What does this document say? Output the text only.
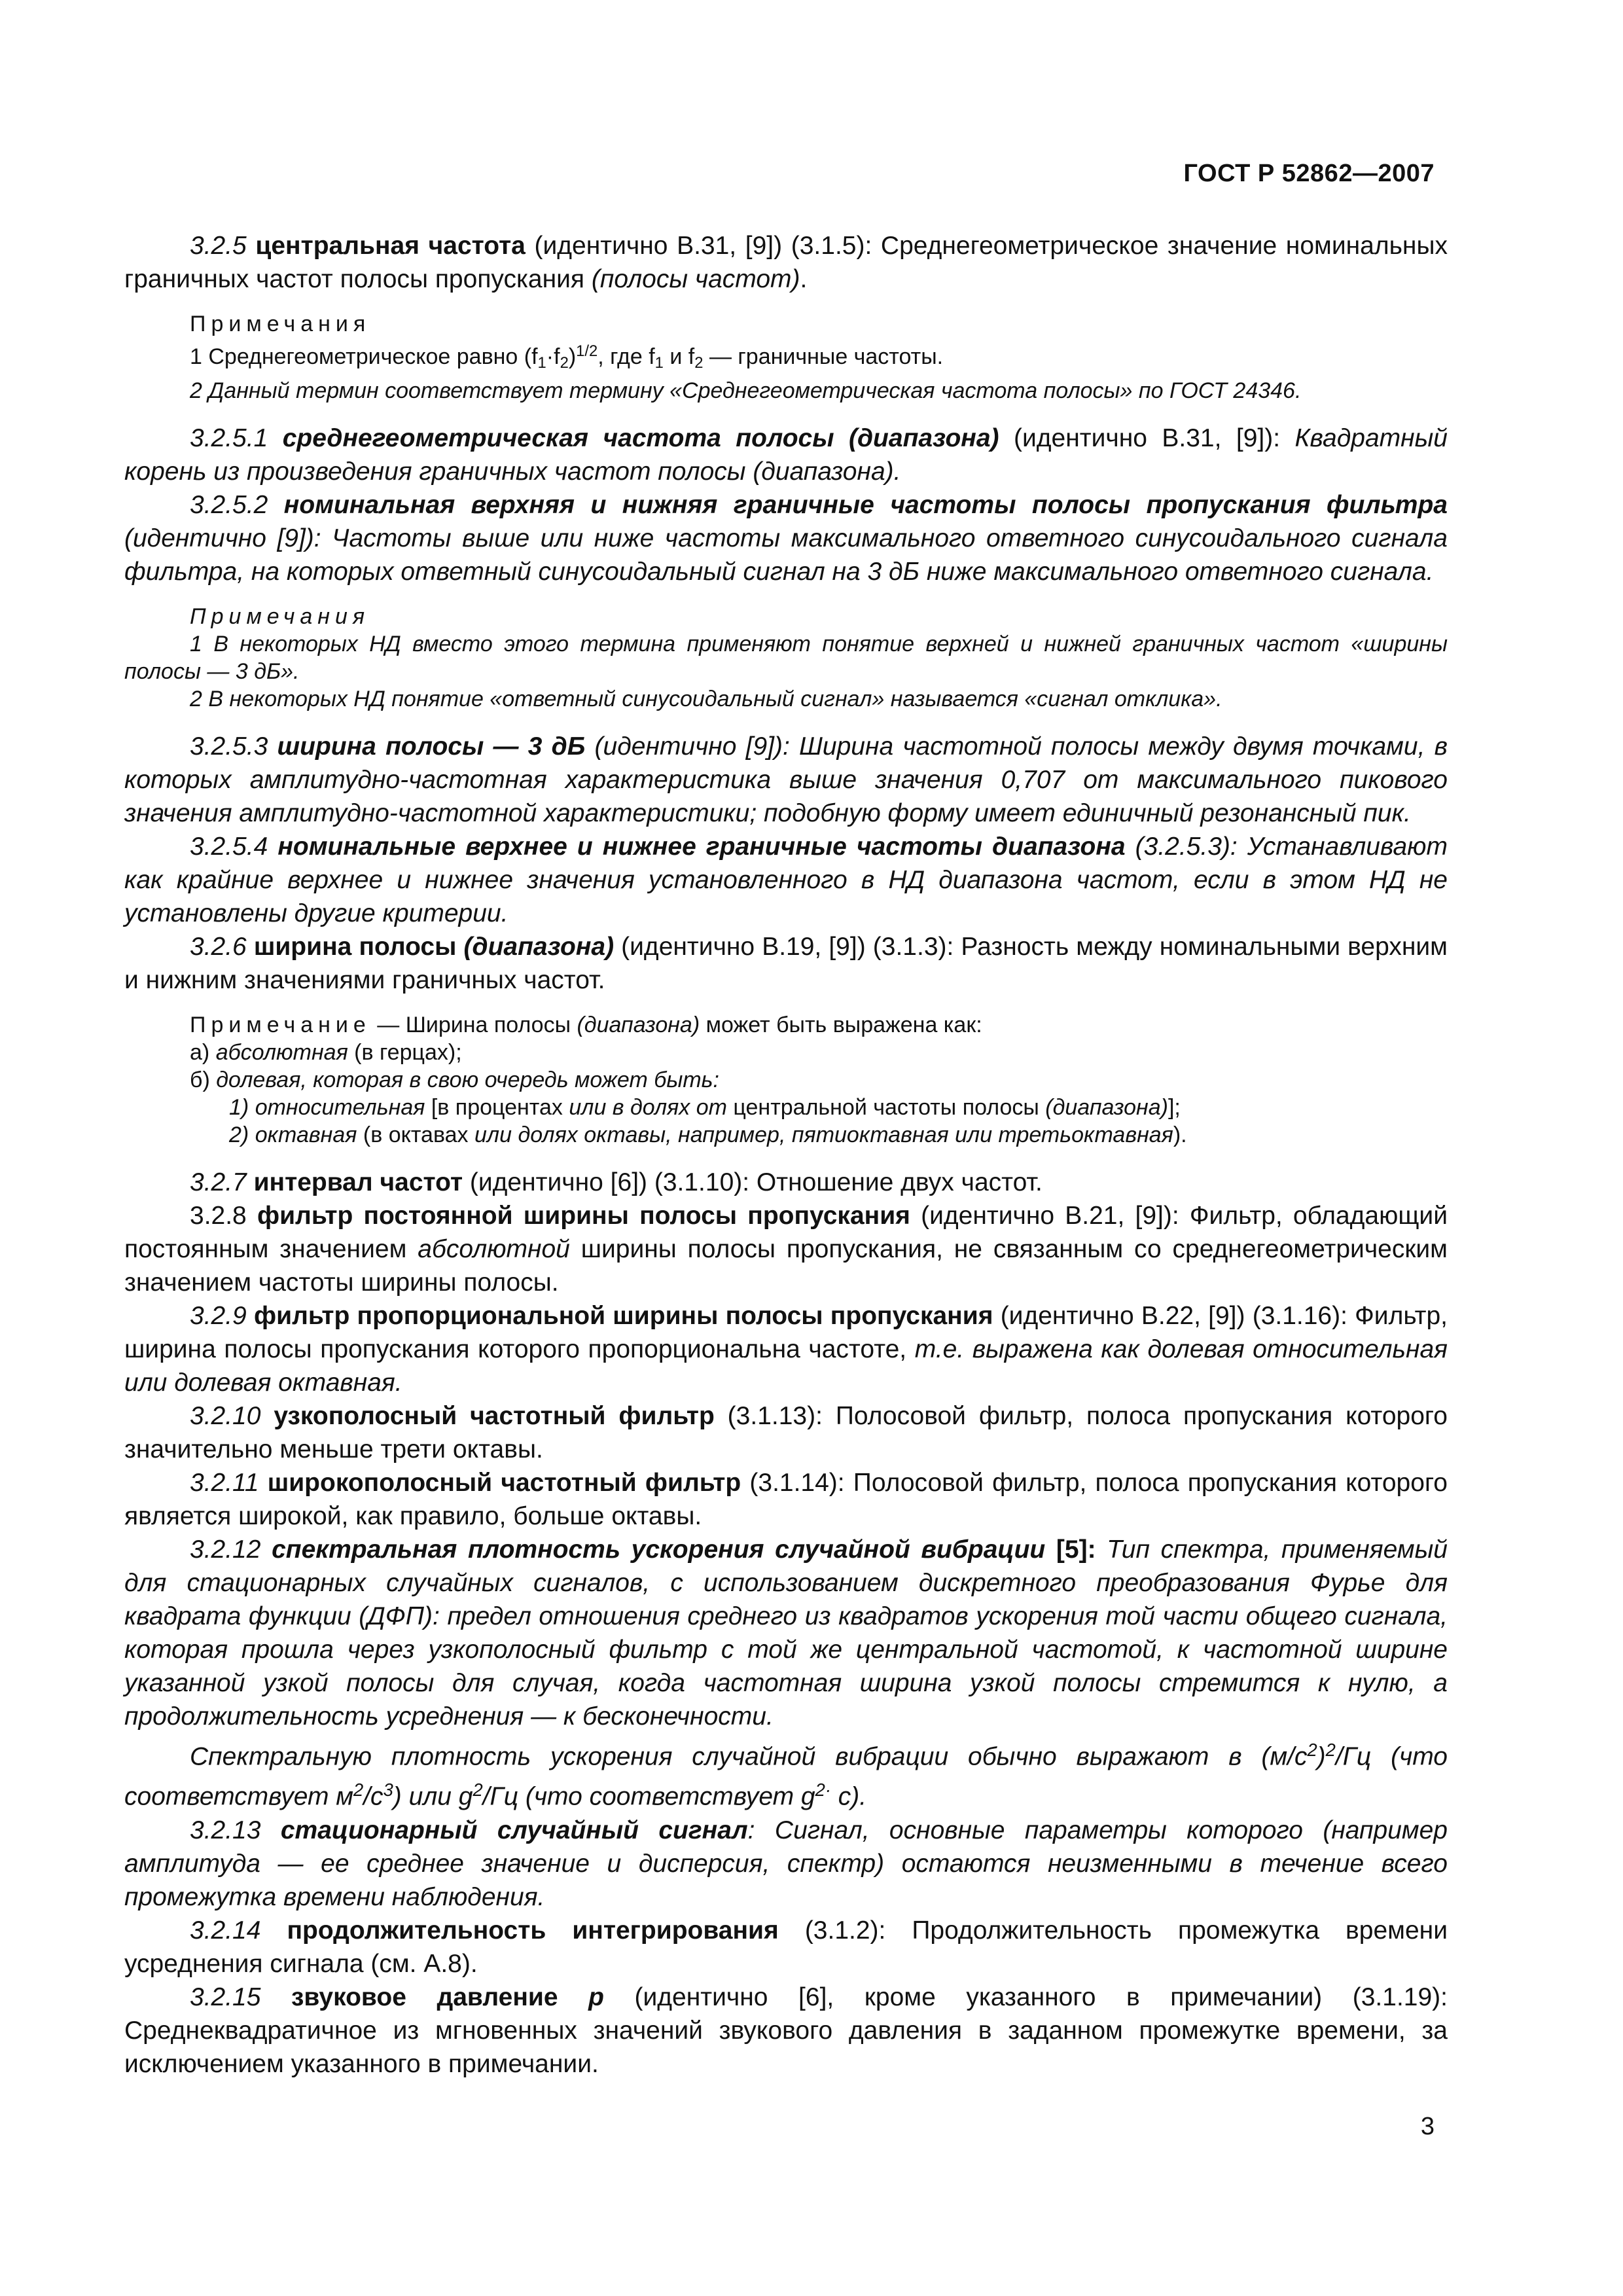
ГОСТ Р 52862—2007

3.2.5 центральная частота (идентично В.31, [9]) (3.1.5): Среднегеометрическое значение номинальных граничных частот полосы пропускания (полосы частот).

Примечания

1 Среднегеометрическое равно $(f_1\cdot f_2)^{1/2}$, где $f_1$ и $f_2$ — граничные частоты.

2 Данный термин соответствует термину «Среднегеометрическая частота полосы» по ГОСТ 24346.

3.2.5.1 среднегеометрическая частота полосы (диапазона) (идентично В.31, [9]): Квадратный корень из произведения граничных частот полосы (диапазона).

3.2.5.2 номинальная верхняя и нижняя граничные частоты полосы пропускания фильтра (идентично [9]): Частоты выше или ниже частоты максимального ответного синусоидального сигнала фильтра, на которых ответный синусоидальный сигнал на 3 дБ ниже максимального ответного сигнала.

Примечания

1 В некоторых НД вместо этого термина применяют понятие верхней и нижней граничных частот «ширины полосы — 3 дБ».

2 В некоторых НД понятие «ответный синусоидальный сигнал» называется «сигнал отклика».

3.2.5.3 ширина полосы — 3 дБ (идентично [9]): Ширина частотной полосы между двумя точками, в которых амплитудно-частотная характеристика выше значения 0,707 от максимального пикового значения амплитудно-частотной характеристики; подобную форму имеет единичный резонансный пик.

3.2.5.4 номинальные верхнее и нижнее граничные частоты диапазона (3.2.5.3): Устанавливают как крайние верхнее и нижнее значения установленного в НД диапазона частот, если в этом НД не установлены другие критерии.

3.2.6 ширина полосы (диапазона) (идентично В.19, [9]) (3.1.3): Разность между номинальными верхним и нижним значениями граничных частот.

Примечание — Ширина полосы (диапазона) может быть выражена как:

а) абсолютная (в герцах);

б) долевая, которая в свою очередь может быть:

1) относительная [в процентах или в долях от центральной частоты полосы (диапазона)];

2) октавная (в октавах или долях октавы, например, пятиоктавная или третьоктавная).

3.2.7 интервал частот (идентично [6]) (3.1.10): Отношение двух частот.

3.2.8 фильтр постоянной ширины полосы пропускания (идентично В.21, [9]): Фильтр, обладающий постоянным значением абсолютной ширины полосы пропускания, не связанным со среднегеометрическим значением частоты ширины полосы.

3.2.9 фильтр пропорциональной ширины полосы пропускания (идентично В.22, [9]) (3.1.16): Фильтр, ширина полосы пропускания которого пропорциональна частоте, т.е. выражена как долевая относительная или долевая октавная.

3.2.10 узкополосный частотный фильтр (3.1.13): Полосовой фильтр, полоса пропускания которого значительно меньше трети октавы.

3.2.11 широкополосный частотный фильтр (3.1.14): Полосовой фильтр, полоса пропускания которого является широкой, как правило, больше октавы.

3.2.12 спектральная плотность ускорения случайной вибрации [5]: Тип спектра, применяемый для стационарных случайных сигналов, с использованием дискретного преобразования Фурье для квадрата функции (ДФП): предел отношения среднего из квадратов ускорения той части общего сигнала, которая прошла через узкополосный фильтр с той же центральной частотой, к частотной ширине указанной узкой полосы для случая, когда частотная ширина узкой полосы стремится к нулю, а продолжительность усреднения — к бесконечности.

Спектральную плотность ускорения случайной вибрации обычно выражают в $(м/с^2)^2/Гц$ (что соответствует $м^2/с^3$) или $g^2/Гц$ (что соответствует $g^{2\cdot}$ с).

3.2.13 стационарный случайный сигнал: Сигнал, основные параметры которого (например амплитуда — ее среднее значение и дисперсия, спектр) остаются неизменными в течение всего промежутка времени наблюдения.

3.2.14 продолжительность интегрирования (3.1.2): Продолжительность промежутка времени усреднения сигнала (см. А.8).

3.2.15 звуковое давление p (идентично [6], кроме указанного в примечании) (3.1.19): Среднеквадратичное из мгновенных значений звукового давления в заданном промежутке времени, за исключением указанного в примечании.

3
